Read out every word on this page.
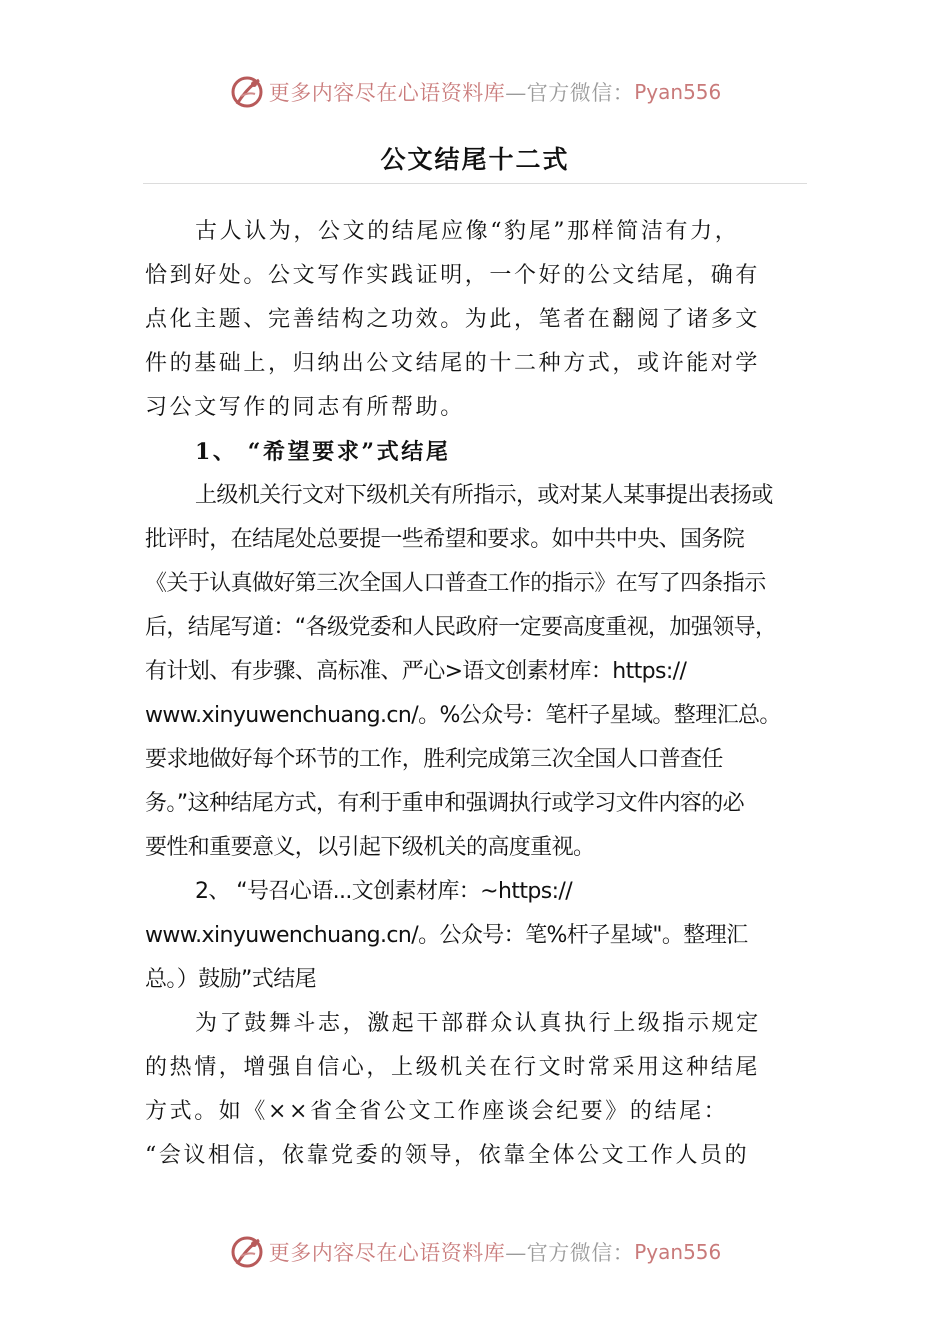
更多内容尽在心语资料库 —官方微信： Pyan556
公文结尾十二式
古人认为，公文的结尾应像“豹尾”那样简洁有力，
恰到好处。公文写作实践证明，一个好的公文结尾，确有
点化主题、完善结构之功效。为此，笔者在翻阅了诸多文
件的基础上，归纳出公文结尾的十二种方式，或许能对学
习公文写作的同志有所帮助。
1、 “希望要求”式结尾
上级机关行文对下级机关有所指示，或对某人某事提出表扬或
批评时，在结尾处总要提一些希望和要求。如中共中央、国务院
《关于认真做好第三次全国人口普查工作的指示》在写了四条指示
后，结尾写道：“各级党委和人民政府一定要高度重视，加强领导，
有计划、有步骤、高标准、严心>语文创素材库：https://
www.xinyuwenchuang.cn/。%公众号：笔杆子星域。整理汇总。
要求地做好每个环节的工作，胜利完成第三次全国人口普查任
务。”这种结尾方式，有利于重申和强调执行或学习文件内容的必
要性和重要意义，以引起下级机关的高度重视。
2、 “号召心语...文创素材库：~https://
www.xinyuwenchuang.cn/。公众号：笔%杆子星域"。整理汇
总。）鼓励”式结尾
为了鼓舞斗志，激起干部群众认真执行上级指示规定
的热情，增强自信心，上级机关在行文时常采用这种结尾
方式。如《××省全省公文工作座谈会纪要》的结尾：
“会议相信，依靠党委的领导，依靠全体公文工作人员的
更多内容尽在心语资料库 —官方微信： Pyan556
